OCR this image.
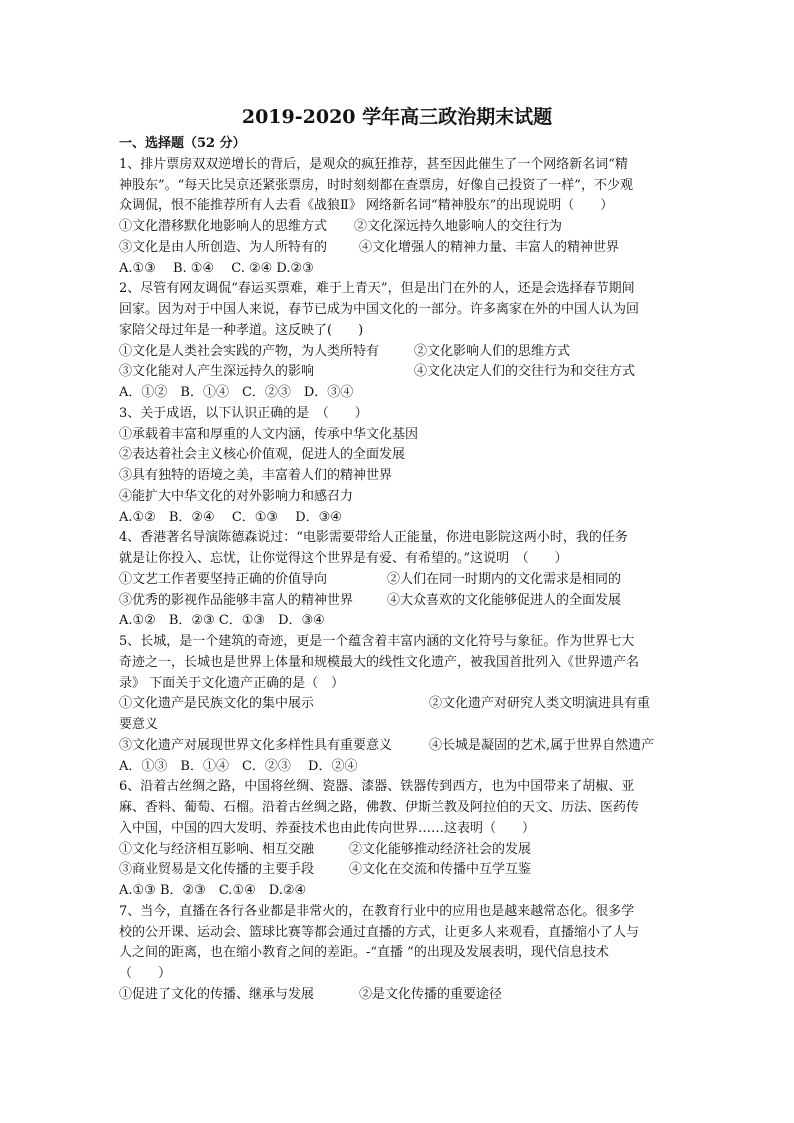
2019-2020 学年高三政治期末试题
一、选择题（52 分）
1、排片票房双双逆增长的背后，是观众的疯狂推荐，甚至因此催生了一个网络新名词“精
神股东”。“每天比吴京还紧张票房，时时刻刻都在查票房，好像自己投资了一样”，不少观
众调侃，恨不能推荐所有人去看《战狼Ⅱ》 网络新名词“精神股东”的出现说明（　　）
①文化潜移默化地影响人的思维方式	②文化深远持久地影响人的交往行为
③文化是由人所创造、为人所特有的	④文化增强人的精神力量、丰富人的精神世界
A.①③　 B. ①④　 C. ②④ D.②③
2、尽管有网友调侃“春运买票难，难于上青天”，但是出门在外的人，还是会选择春节期间
回家。因为对于中国人来说，春节已成为中国文化的一部分。许多离家在外的中国人认为回
家陪父母过年是一种孝道。这反映了(　　)
①文化是人类社会实践的产物，为人类所特有	②文化影响人们的思维方式
③文化能对人产生深远持久的影响	④文化决定人们的交往行为和交往方式
A．①②　B．①④　C．②③　D．③④
3、关于成语，以下认识正确的是　（　　）
①承载着丰富和厚重的人文内涵，传承中华文化基因
②表达着社会主义核心价值观，促进人的全面发展
③具有独特的语境之美，丰富着人们的精神世界
④能扩大中华文化的对外影响力和感召力
A.①②　B．②④　 C．①③　 D．③④
4、香港著名导演陈德森说过：“电影需要带给人正能量，你进电影院这两小时，我的任务
就是让你投入、忘忧，让你觉得这个世界是有爱、有希望的。”这说明　（　　）
①文艺工作者要坚持正确的价值导向	②人们在同一时期内的文化需求是相同的
③优秀的影视作品能够丰富人的精神世界	④大众喜欢的文化能够促进人的全面发展
A.①②　B．②③ C．①③　D．③④
5、长城，是一个建筑的奇迹，更是一个蕴含着丰富内涵的文化符号与象征。作为世界七大
奇迹之一，长城也是世界上体量和规模最大的线性文化遗产，被我国首批列入《世界遗产名
录》 下面关于文化遗产正确的是（　）
①文化遗产是民族文化的集中展示	②文化遗产对研究人类文明演进具有重
要意义
③文化遗产对展现世界文化多样性具有重要意义	④长城是凝固的艺术,属于世界自然遗产
A．①③　B．①④　C．②③　 D．②④
6、沿着古丝绸之路，中国将丝绸、瓷器、漆器、铁器传到西方，也为中国带来了胡椒、亚
麻、香料、葡萄、石榴。沿着古丝绸之路，佛教、伊斯兰教及阿拉伯的天文、历法、医药传
入中国，中国的四大发明、养蚕技术也由此传向世界……这表明（　　）
①文化与经济相互影响、相互交融	②文化能够推动经济社会的发展
③商业贸易是文化传播的主要手段	④文化在交流和传播中互学互鉴
A.①③ B．②③　C.①④　D.②④
7、当今，直播在各行各业都是非常火的，在教育行业中的应用也是越来越常态化。很多学
校的公开课、运动会、篮球比赛等都会通过直播的方式，让更多人来观看，直播缩小了人与
人之间的距离，也在缩小教育之间的差距。-“直播 ”的出现及发展表明，现代信息技术
（　　）
①促进了文化的传播、继承与发展	②是文化传播的重要途径
